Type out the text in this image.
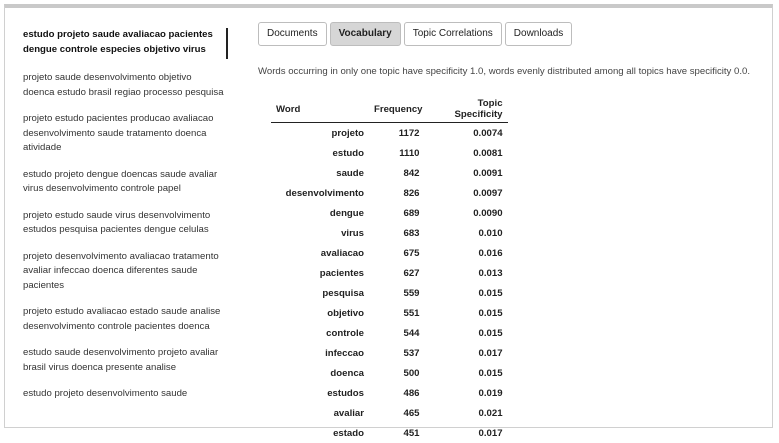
estudo projeto saude avaliacao pacientes dengue controle especies objetivo virus
projeto saude desenvolvimento objetivo doenca estudo brasil regiao processo pesquisa
projeto estudo pacientes producao avaliacao desenvolvimento saude tratamento doenca atividade
estudo projeto dengue doencas saude avaliar virus desenvolvimento controle papel
projeto estudo saude virus desenvolvimento estudos pesquisa pacientes dengue celulas
projeto desenvolvimento avaliacao tratamento avaliar infeccao doenca diferentes saude pacientes
projeto estudo avaliacao estado saude analise desenvolvimento controle pacientes doenca
estudo saude desenvolvimento projeto avaliar brasil virus doenca presente analise
estudo projeto desenvolvimento saude
Documents	Vocabulary	Topic Correlations	Downloads
Words occurring in only one topic have specificity 1.0, words evenly distributed among all topics have specificity 0.0.
Word	Frequency	Topic Specificity
projeto	1172	0.0074
estudo	1110	0.0081
saude	842	0.0091
desenvolvimento	826	0.0097
dengue	689	0.0090
virus	683	0.010
avaliacao	675	0.016
pacientes	627	0.013
pesquisa	559	0.015
objetivo	551	0.015
controle	544	0.015
infeccao	537	0.017
doenca	500	0.015
estudos	486	0.019
avaliar	465	0.021
estado	451	0.017
